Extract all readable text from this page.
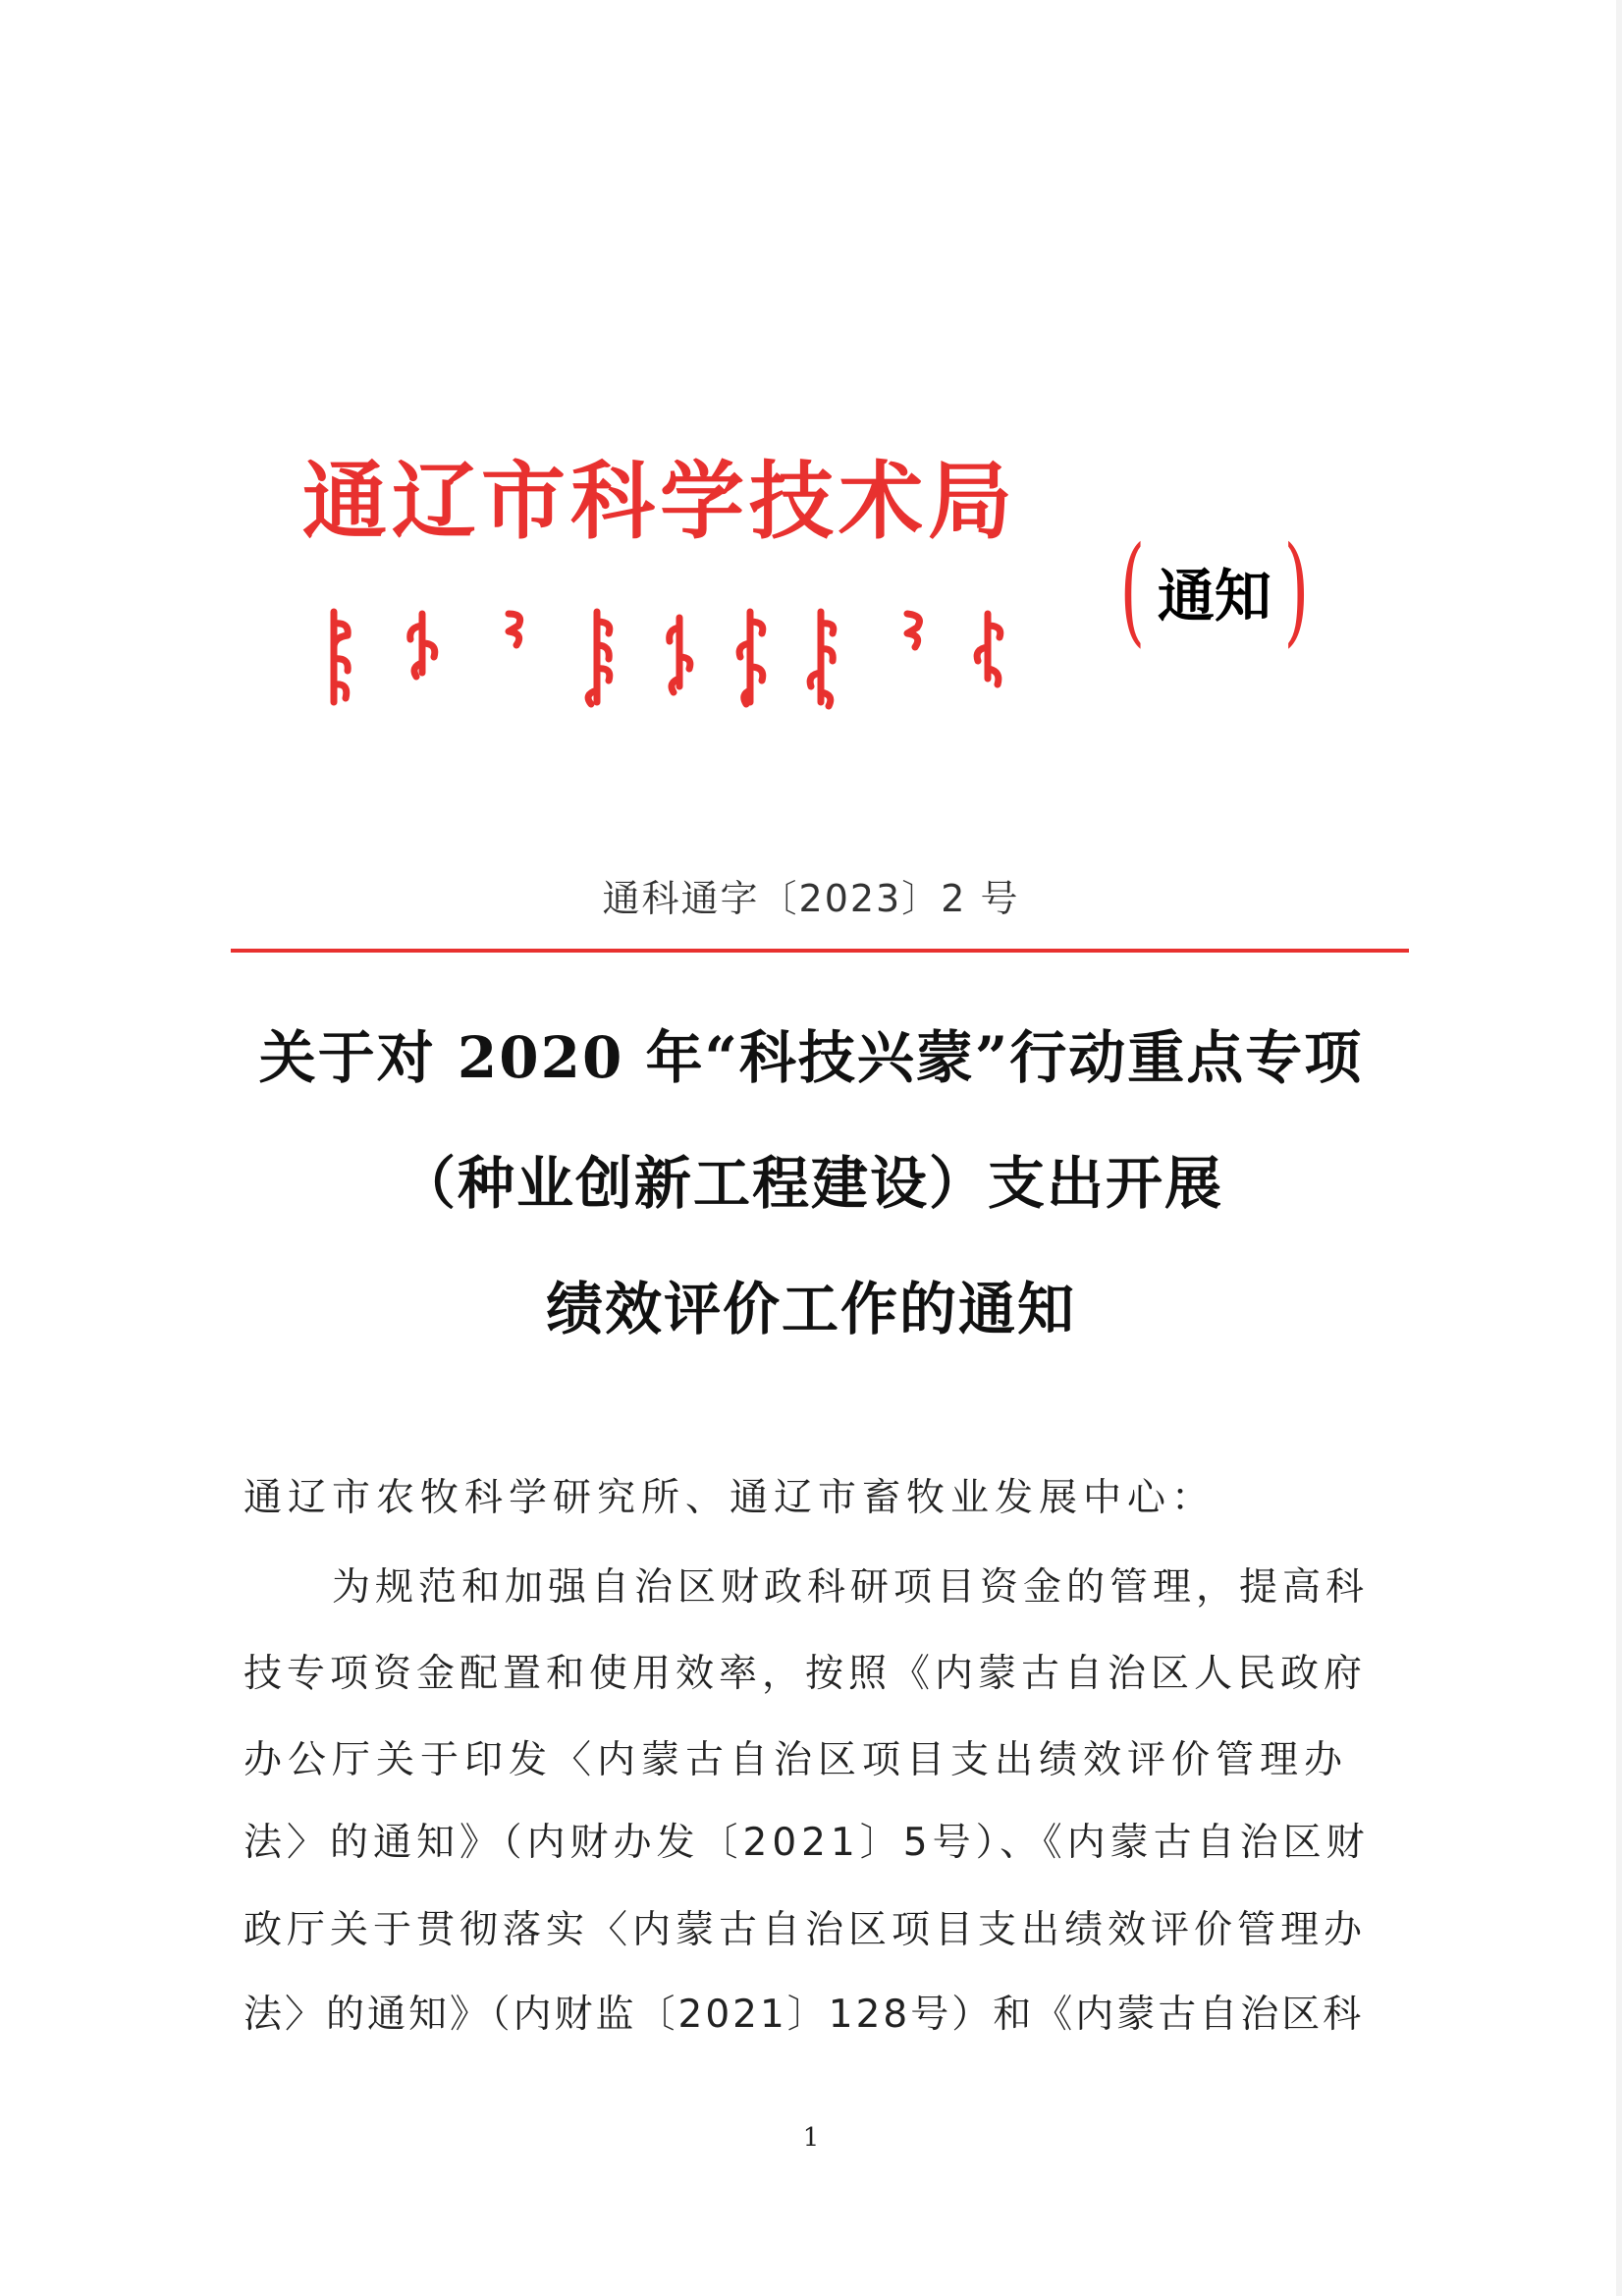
通辽市科学技术局
( 通知 )
通科通字〔2023〕2 号
关于对 2020 年“科技兴蒙”行动重点专项
（种业创新工程建设）支出开展
绩效评价工作的通知
通辽市农牧科学研究所、通辽市畜牧业发展中心：
为规范和加强自治区财政科研项目资金的管理，提高科
技专项资金配置和使用效率，按照《内蒙古自治区人民政府
办公厅关于印发〈内蒙古自治区项目支出绩效评价管理办
法〉的通知》（内财办发〔2021〕5号）、《内蒙古自治区财
政厅关于贯彻落实〈内蒙古自治区项目支出绩效评价管理办
法〉的通知》（内财监〔2021〕128号）和《内蒙古自治区科
1
